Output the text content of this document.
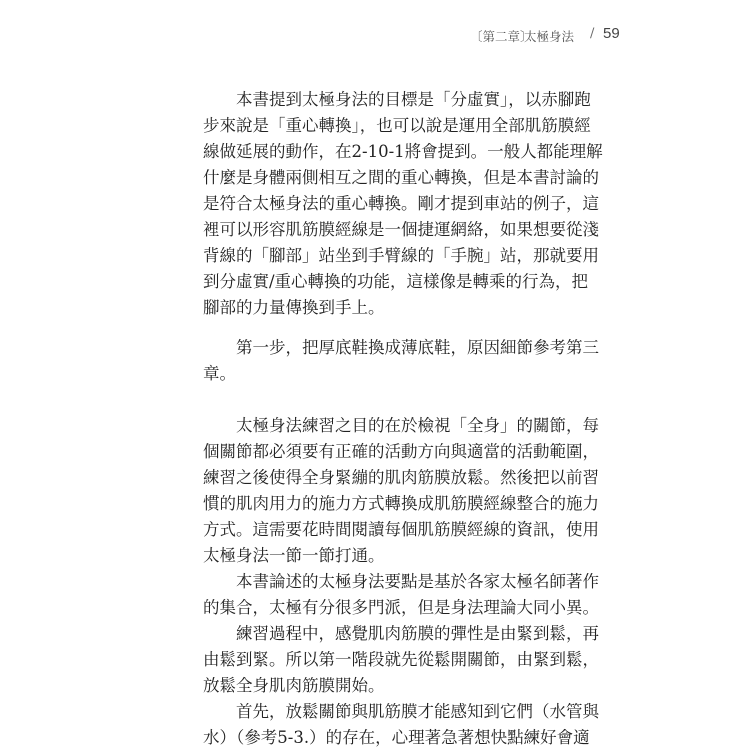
〔第二章〕
太極身法 / 59
本書提到太極身法的目標是「分虛實」，以赤腳跑
步來說是「重心轉換」，也可以說是運用全部肌筋膜經
線做延展的動作，在2-10-1將會提到。一般人都能理解
什麼是身體兩側相互之間的重心轉換，但是本書討論的
是符合太極身法的重心轉換。剛才提到車站的例子，這
裡可以形容肌筋膜經線是一個捷運網絡，如果想要從淺
背線的「腳部」站坐到手臂線的「手腕」站，那就要用
到分虛實/重心轉換的功能，這樣像是轉乘的行為，把
腳部的力量傳換到手上。
第一步，把厚底鞋換成薄底鞋，原因細節參考第三
章。
太極身法練習之目的在於檢視「全身」的關節，每
個關節都必須要有正確的活動方向與適當的活動範圍，
練習之後使得全身緊繃的肌肉筋膜放鬆。然後把以前習
慣的肌肉用力的施力方式轉換成肌筋膜經線整合的施力
方式。這需要花時間閱讀每個肌筋膜經線的資訊，使用
太極身法一節一節打通。
本書論述的太極身法要點是基於各家太極名師著作
的集合，太極有分很多門派，但是身法理論大同小異。
練習過程中，感覺肌肉筋膜的彈性是由緊到鬆，再
由鬆到緊。所以第一階段就先從鬆開關節，由緊到鬆，
放鬆全身肌肉筋膜開始。
首先，放鬆關節與肌筋膜才能感知到它們（水管與
水）（參考5-3.）的存在，心理著急著想快點練好會適
